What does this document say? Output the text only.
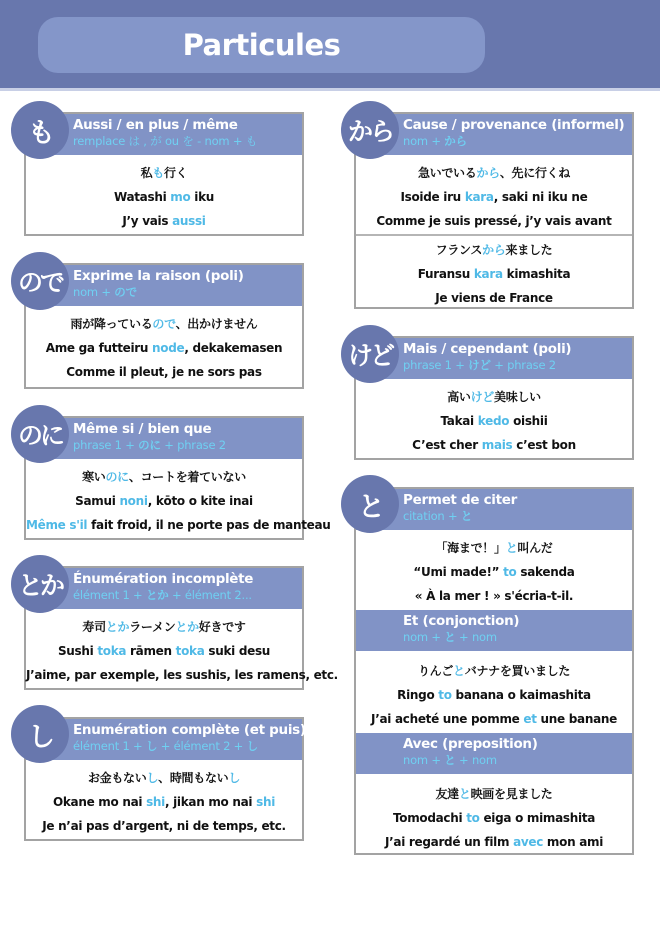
Particules
も	Aussi / en plus / même
remplace は , が ou を - nom + も
私も行く
Watashi mo iku
J’y vais aussi
ので Exprime la raison (poli)
nom + ので
雨が降っているので、出かけません
Ame ga futteiru node, dekakemasen
Comme il pleut, je ne sors pas
のに Même si / bien que
phrase 1 + のに + phrase 2
寒いのに、コートを着ていない
Samui noni, kōto o kite inai
Même s'il fait froid, il ne porte pas de manteau
とか Énumération incomplète
élément 1 + とか + élément 2...
寿司とかラーメンとか好きです
Sushi toka rāmen toka suki desu
J’aime, par exemple, les sushis, les ramens, etc.
し	Enumération complète (et puis)
élément 1 + し + élément 2 + し
お金もないし、時間もないし
Okane mo nai shi, jikan mo nai shi
Je n’ai pas d’argent, ni de temps, etc.
から Cause / provenance (informel)
nom + から
急いでいるから、先に行くね
Isoide iru kara, saki ni iku ne
Comme je suis pressé, j’y vais avant
フランスから来ました
Furansu kara kimashita
Je viens de France
けど Mais / cependant (poli)
phrase 1 + けど + phrase 2
高いけど美味しい
Takai kedo oishii
C’est cher mais c’est bon
と	Permet de citer
citation + と
「海まで！」と叫んだ
“Umi made!” to sakenda
« À la mer ! » s'écria-t-il.
Et (conjonction)
nom + と + nom
りんごとバナナを買いました
Ringo to banana o kaimashita
J’ai acheté une pomme et une banane
Avec (preposition)
nom + と + nom
友達と映画を見ました
Tomodachi to eiga o mimashita
J’ai regardé un film avec mon ami
